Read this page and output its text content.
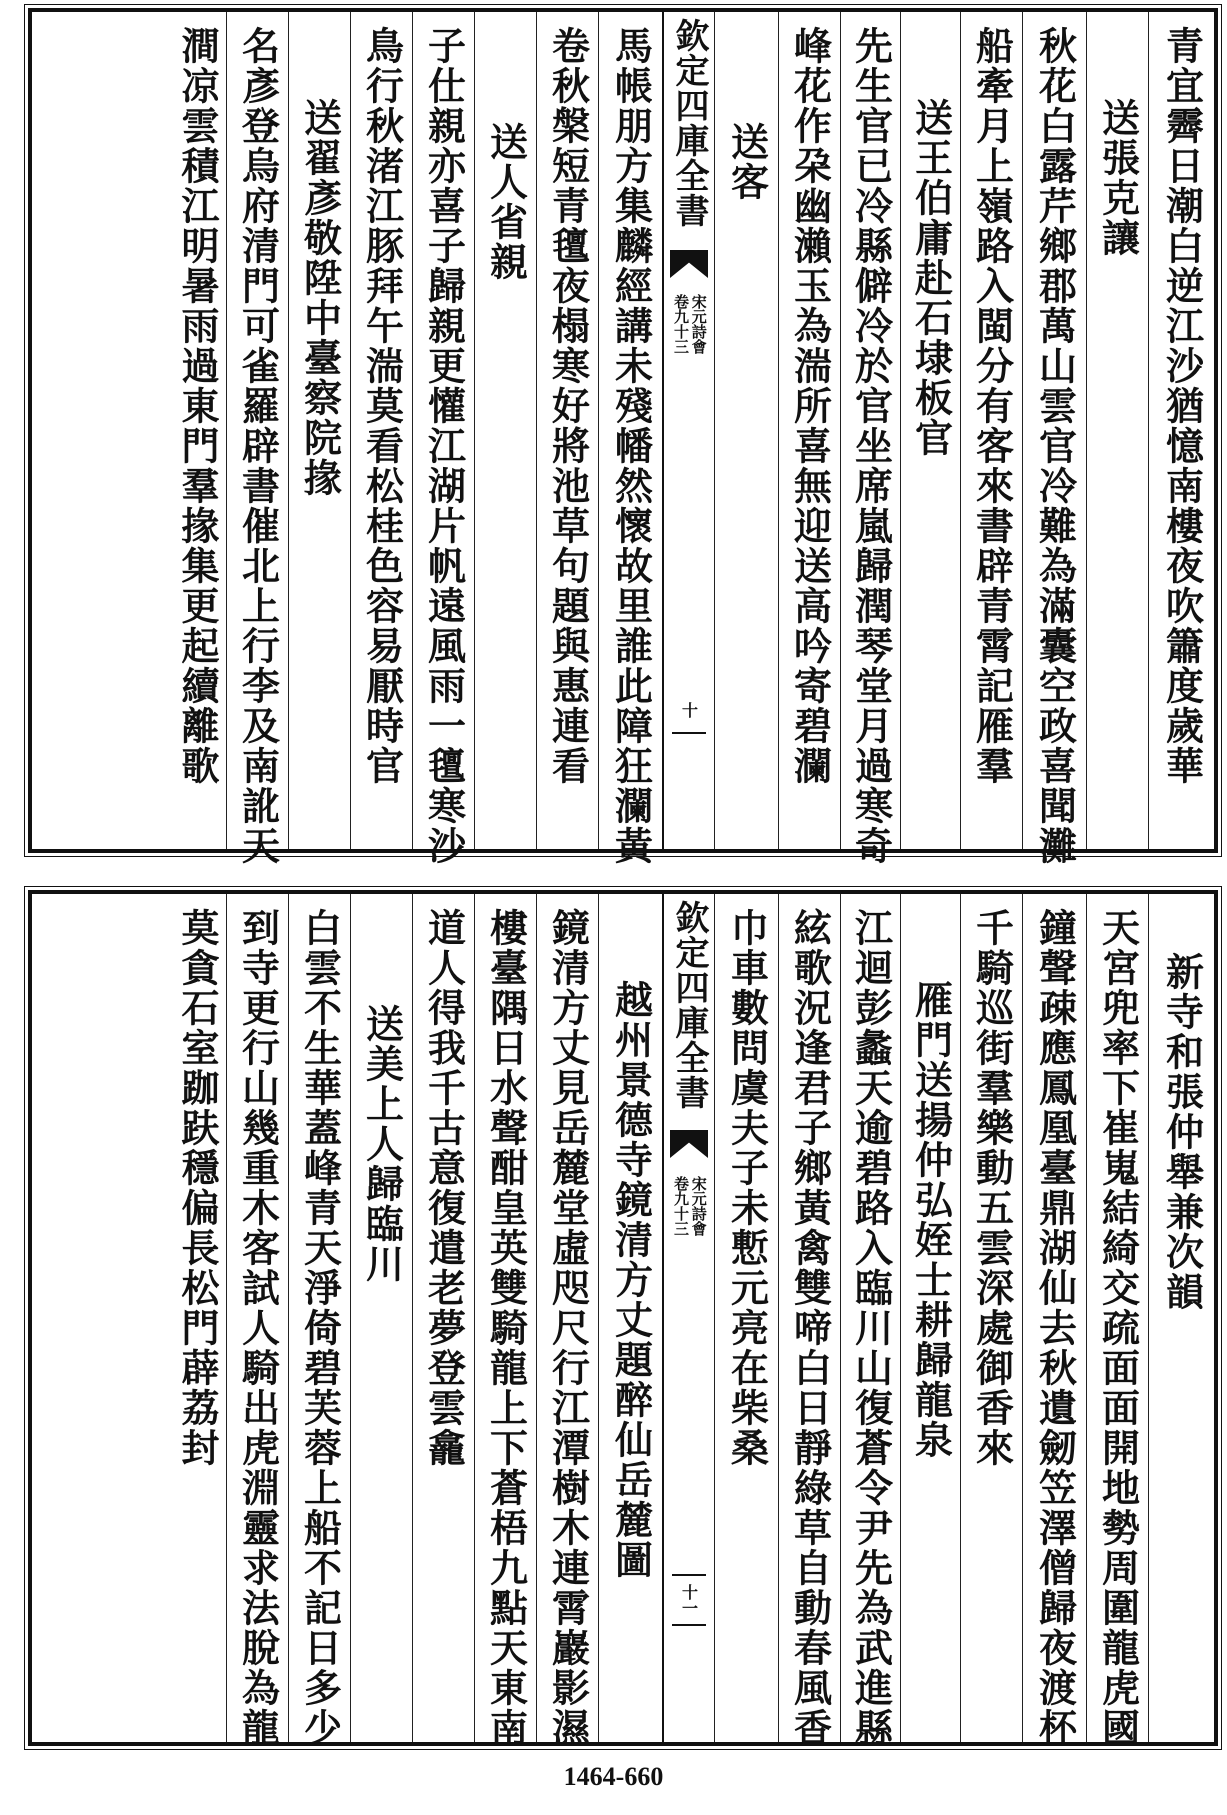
青宜霽日潮白逆江沙猶憶南樓夜吹簫度歲華
送張克讓
秋花白露芹鄉郡萬山雲官冷難為滿囊空政喜聞灘
船牽月上嶺路入閩分有客來書辟青霄記雁羣
送王伯庸赴石埭板官
先生官已冷縣僻冷於官坐席嵐歸潤琴堂月過寒奇
峰花作朶幽瀨玉為湍所喜無迎送高吟寄碧瀾
送客
欽定四庫全書
宋元詩會
卷九十三
十
馬帳朋方集麟經講未殘幡然懷故里誰此障狂瀾黃
卷秋槃短青氊夜榻寒好將池草句題與惠連看
送人省親
子仕親亦喜子歸親更懽江湖片帆遠風雨一氊寒沙
鳥行秋渚江豚拜午湍莫看松桂色容易厭時官
送翟彥敬陞中臺察院掾
名彥登烏府清門可雀羅辟書催北上行李及南訛天
澗凉雲積江明暑雨過東門羣掾集更起續離歌
新寺和張仲舉兼次韻
天宮兜率下崔嵬結綺交疏面面開地勢周圍龍虎國
鐘聲疎應鳳凰臺鼎湖仙去秋遺劒笠澤僧歸夜渡杯
千騎巡街羣樂動五雲深處御香來
雁門送揚仲弘姪士耕歸龍泉
江迴彭蠡天逾碧路入臨川山復蒼令尹先為武進縣
絃歌況逢君子鄉黃禽雙啼白日靜綠草自動春風香
巾車數問虞夫子未慙元亮在柴桑
欽定四庫全書
宋元詩會
卷九十三
十一
越州景德寺鏡清方丈題醉仙岳麓圖
鏡清方丈見岳麓堂虛咫尺行江潭樹木連霄巖影濕
樓臺隅日水聲酣皇英雙騎龍上下蒼梧九點天東南
道人得我千古意復遣老夢登雲龕
送美上人歸臨川
白雲不生華蓋峰青天淨倚碧芙蓉上船不記日多少
到寺更行山幾重木客試人騎出虎淵靈求法脫為龍
莫貪石室跏趺穩偏長松門薜荔封
1464-660
